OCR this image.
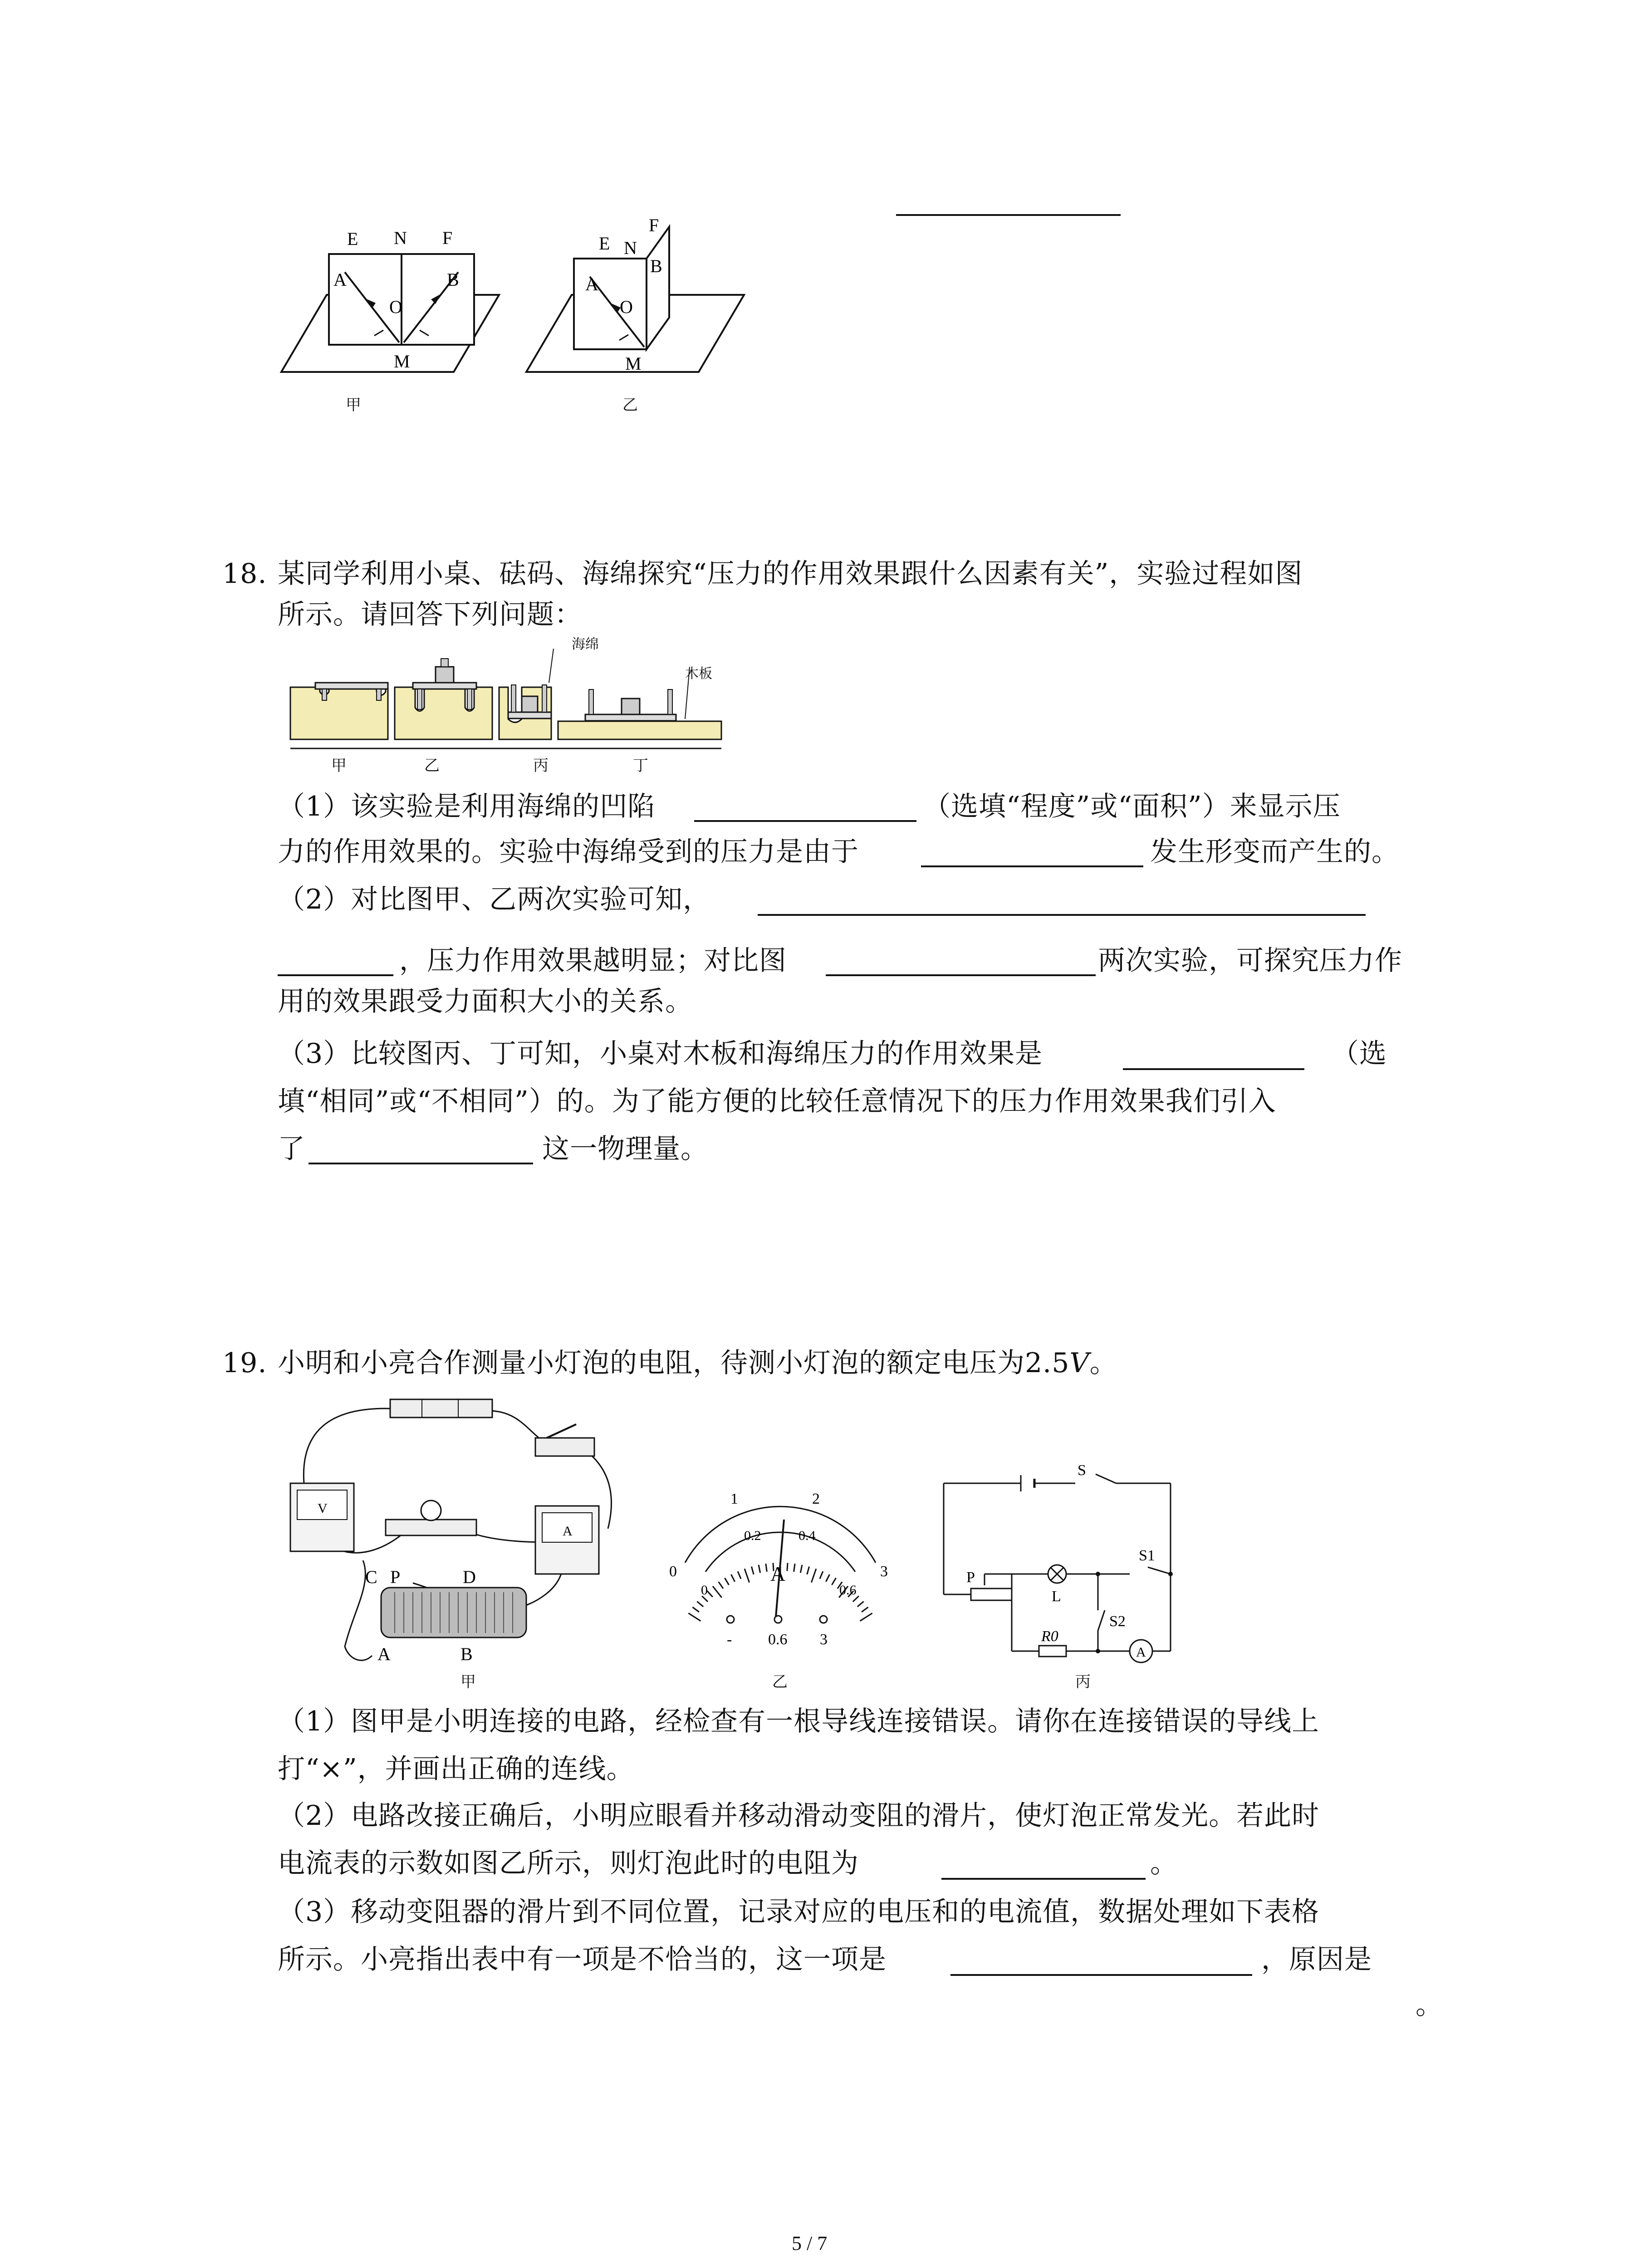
E N F
A	B
O
M
甲
E N
F
A
B
O
M
乙
18. 某同学利用小桌、砝码、海绵探究“压力的作用效果跟什么因素有关”，实验过程如图
所示。请回答下列问题：
海绵
木板
甲	乙	丙	丁
（1）该实验是利用海绵的凹陷	（选填“程度”或“面积”）来显示压
力的作用效果的。实验中海绵受到的压力是由于	发生形变而产生的。
（2）对比图甲、乙两次实验可知，
，压力作用效果越明显；对比图	两次实验，可探究压力作
用的效果跟受力面积大小的关系。
（3）比较图丙、丁可知，小桌对木板和海绵压力的作用效果是	（选
填“相同”或“不相同”）的。为了能方便的比较任意情况下的压力作用效果我们引入
了	这一物理量。
19. 小明和小亮合作测量小灯泡的电阻，待测小灯泡的额定电压为2.5V。
V
A
C P	D
A	B
甲
0
1	2
3
0
0.2	0.4
0.6
A
- 0.6 3
乙
S
S1
L
S2
P
R0
A
丙
（1）图甲是小明连接的电路，经检查有一根导线连接错误。请你在连接错误的导线上
打“×”，并画出正确的连线。
（2）电路改接正确后，小明应眼看并移动滑动变阻的滑片，使灯泡正常发光。若此时
电流表的示数如图乙所示，则灯泡此时的电阻为	。
（3）移动变阻器的滑片到不同位置，记录对应的电压和的电流值，数据处理如下表格
所示。小亮指出表中有一项是不恰当的，这一项是	，原因是
。
5 / 7
